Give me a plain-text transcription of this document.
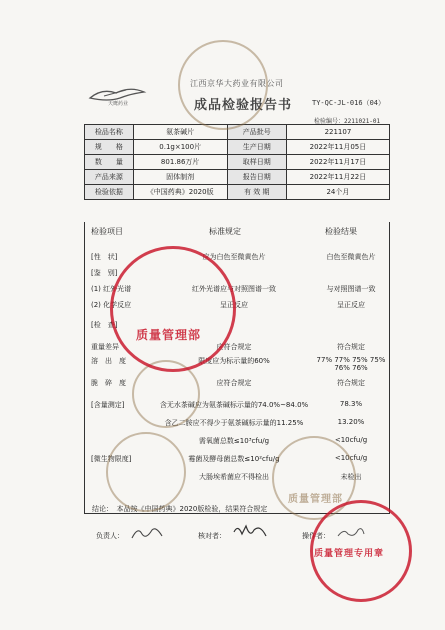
天鹰药业
江西京华大药业有限公司
成品检验报告书	TY-QC-JL-016（04）
检验编号：2211021-01
检品名称	氨茶碱片	产品批号	221107
规　　格	0.1g×100片	生产日期	2022年11月05日
数　　量	801.86万片	取样日期	2022年11月17日
产品来源	固体制剂	报告日期	2022年11月22日
检验依据	《中国药典》2020版	有 效 期	24个月
检验项目	标准规定	检验结果
[性　状]	应为白色至微黄色片	白色至微黄色片
[鉴　别]
(1) 红外光谱	红外光谱应与对照图谱一致	与对照图谱一致
(2) 化学反应	呈正反应	呈正反应
[检　查]
重量差异	应符合规定	符合规定
溶　出　度	限度应为标示量的60%	77% 77% 75% 75% 76% 76%
脆　碎　度	应符合规定	符合规定
[含量测定]	含无水茶碱应为氨茶碱标示量的74.0%~84.0%	78.3%
含乙二胺应不得少于氨茶碱标示量的11.25%	13.20%
需氧菌总数≤10³cfu/g	<10cfu/g
[微生物限度]	霉菌及酵母菌总数≤10²cfu/g	<10cfu/g
大肠埃希菌应不得检出	未检出
结论：　本品按《中国药典》2020版检验，结果符合规定
负责人：	核对者：	操作者：
质量管理部
质量管理部
质量管理专用章
